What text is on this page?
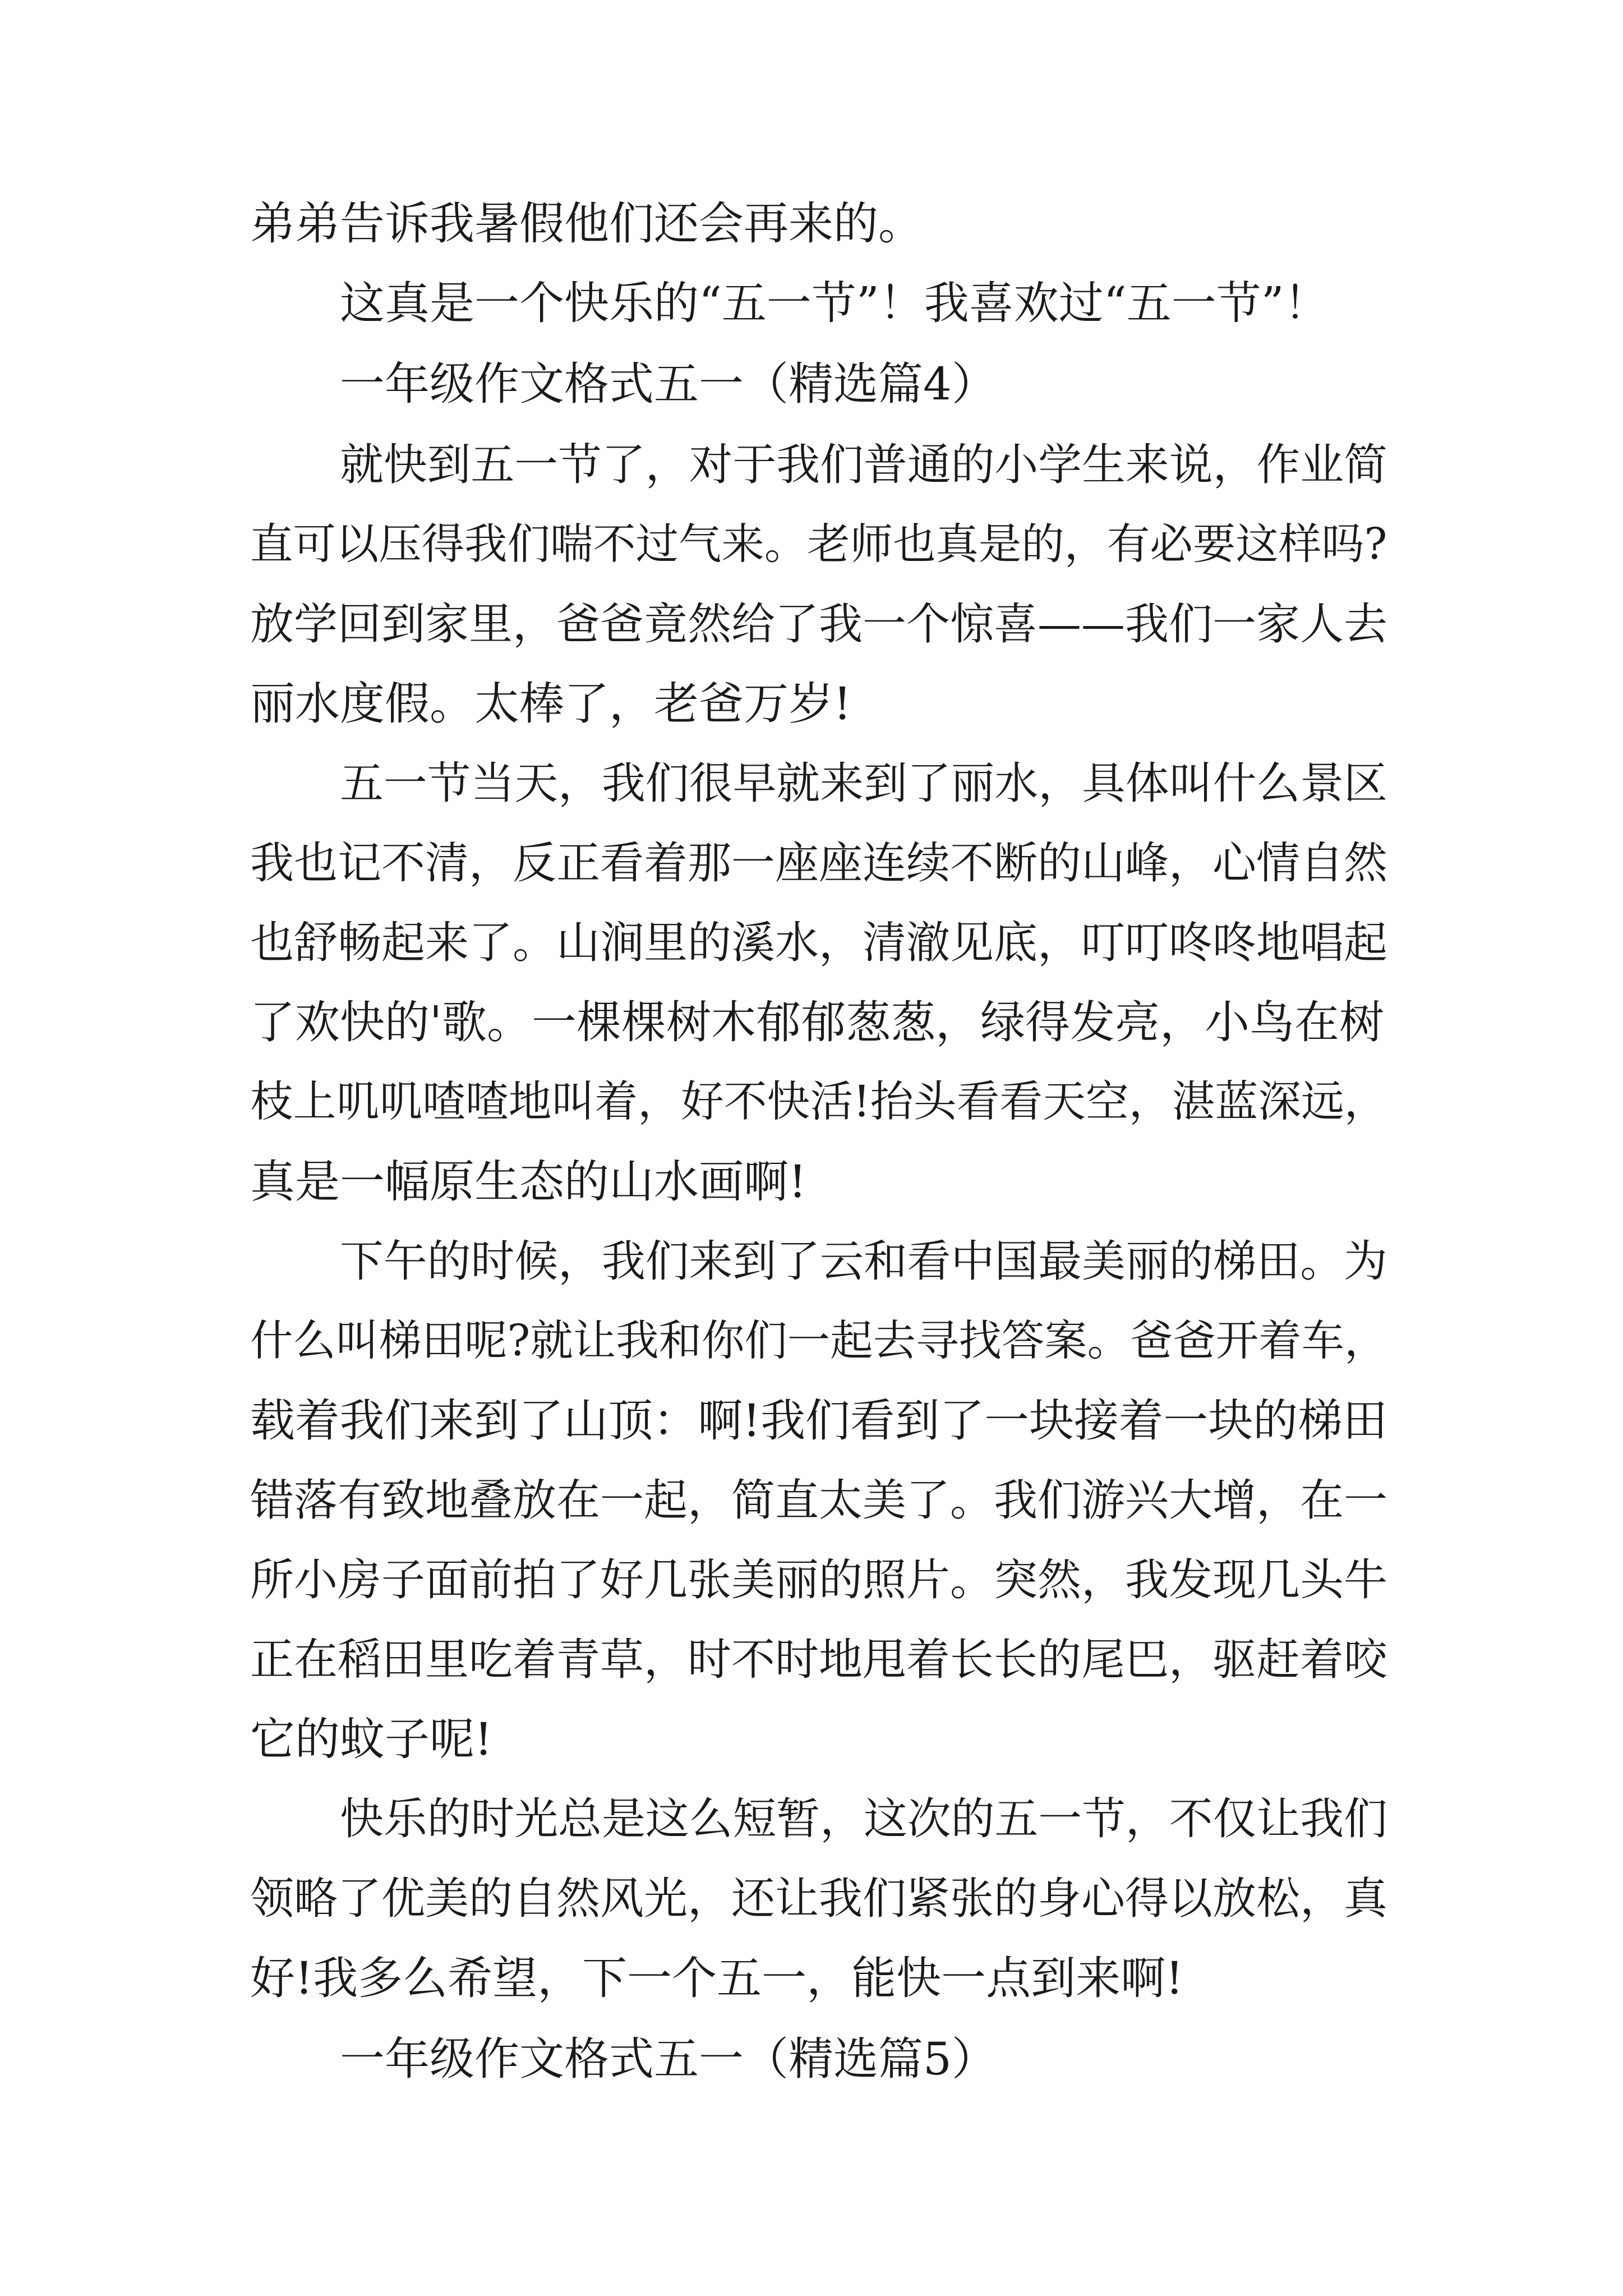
弟弟告诉我暑假他们还会再来的。

这真是一个快乐的“五一节”！我喜欢过“五一节”！

一年级作文格式五一（精选篇4）

就快到五一节了，对于我们普通的小学生来说，作业简

直可以压得我们喘不过气来。老师也真是的，有必要这样吗?

放学回到家里，爸爸竟然给了我一个惊喜——我们一家人去

丽水度假。太棒了，老爸万岁!

五一节当天，我们很早就来到了丽水，具体叫什么景区

我也记不清，反正看着那一座座连续不断的山峰，心情自然

也舒畅起来了。山涧里的溪水，清澈见底，叮叮咚咚地唱起

了欢快的'歌。一棵棵树木郁郁葱葱，绿得发亮，小鸟在树

枝上叽叽喳喳地叫着，好不快活!抬头看看天空，湛蓝深远，

真是一幅原生态的山水画啊!

下午的时候，我们来到了云和看中国最美丽的梯田。为

什么叫梯田呢?就让我和你们一起去寻找答案。爸爸开着车，

载着我们来到了山顶：啊!我们看到了一块接着一块的梯田

错落有致地叠放在一起，简直太美了。我们游兴大增，在一

所小房子面前拍了好几张美丽的照片。突然，我发现几头牛

正在稻田里吃着青草，时不时地甩着长长的尾巴，驱赶着咬

它的蚊子呢!

快乐的时光总是这么短暂，这次的五一节，不仅让我们

领略了优美的自然风光，还让我们紧张的身心得以放松，真

好!我多么希望，下一个五一，能快一点到来啊!

一年级作文格式五一（精选篇5）
